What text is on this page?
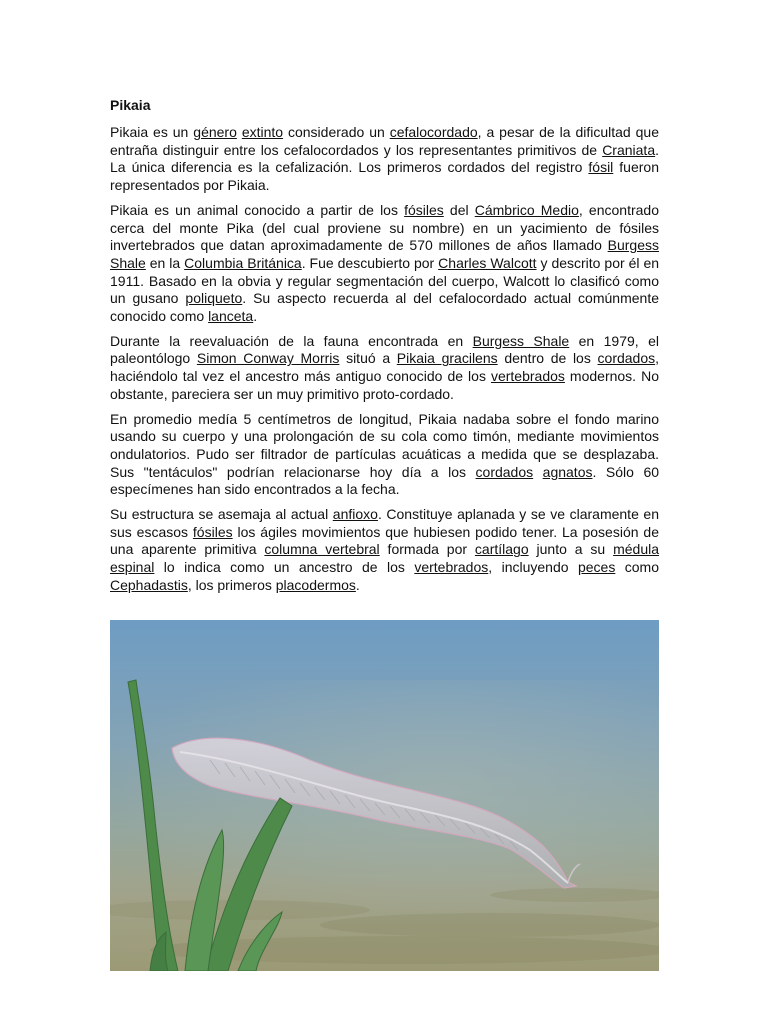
Pikaia

Pikaia es un género extinto considerado un cefalocordado, a pesar de la dificultad que entraña distinguir entre los cefalocordados y los representantes primitivos de Craniata. La única diferencia es la cefalización. Los primeros cordados del registro fósil fueron representados por Pikaia.

Pikaia es un animal conocido a partir de los fósiles del Cámbrico Medio, encontrado cerca del monte Pika (del cual proviene su nombre) en un yacimiento de fósiles invertebrados que datan aproximadamente de 570 millones de años llamado Burgess Shale en la Columbia Británica. Fue descubierto por Charles Walcott y descrito por él en 1911. Basado en la obvia y regular segmentación del cuerpo, Walcott lo clasificó como un gusano poliqueto. Su aspecto recuerda al del cefalocordado actual comúnmente conocido como lanceta.

Durante la reevaluación de la fauna encontrada en Burgess Shale en 1979, el paleontólogo Simon Conway Morris situó a Pikaia gracilens dentro de los cordados, haciéndolo tal vez el ancestro más antiguo conocido de los vertebrados modernos. No obstante, pareciera ser un muy primitivo proto-cordado.

En promedio medía 5 centímetros de longitud, Pikaia nadaba sobre el fondo marino usando su cuerpo y una prolongación de su cola como timón, mediante movimientos ondulatorios. Pudo ser filtrador de partículas acuáticas a medida que se desplazaba. Sus "tentáculos" podrían relacionarse hoy día a los cordados agnatos. Sólo 60 especímenes han sido encontrados a la fecha.

Su estructura se asemaja al actual anfioxo. Constituye aplanada y se ve claramente en sus escasos fósiles los ágiles movimientos que hubiesen podido tener. La posesión de una aparente primitiva columna vertebral formada por cartílago junto a su médula espinal lo indica como un ancestro de los vertebrados, incluyendo peces como Cephadastis, los primeros placodermos.
